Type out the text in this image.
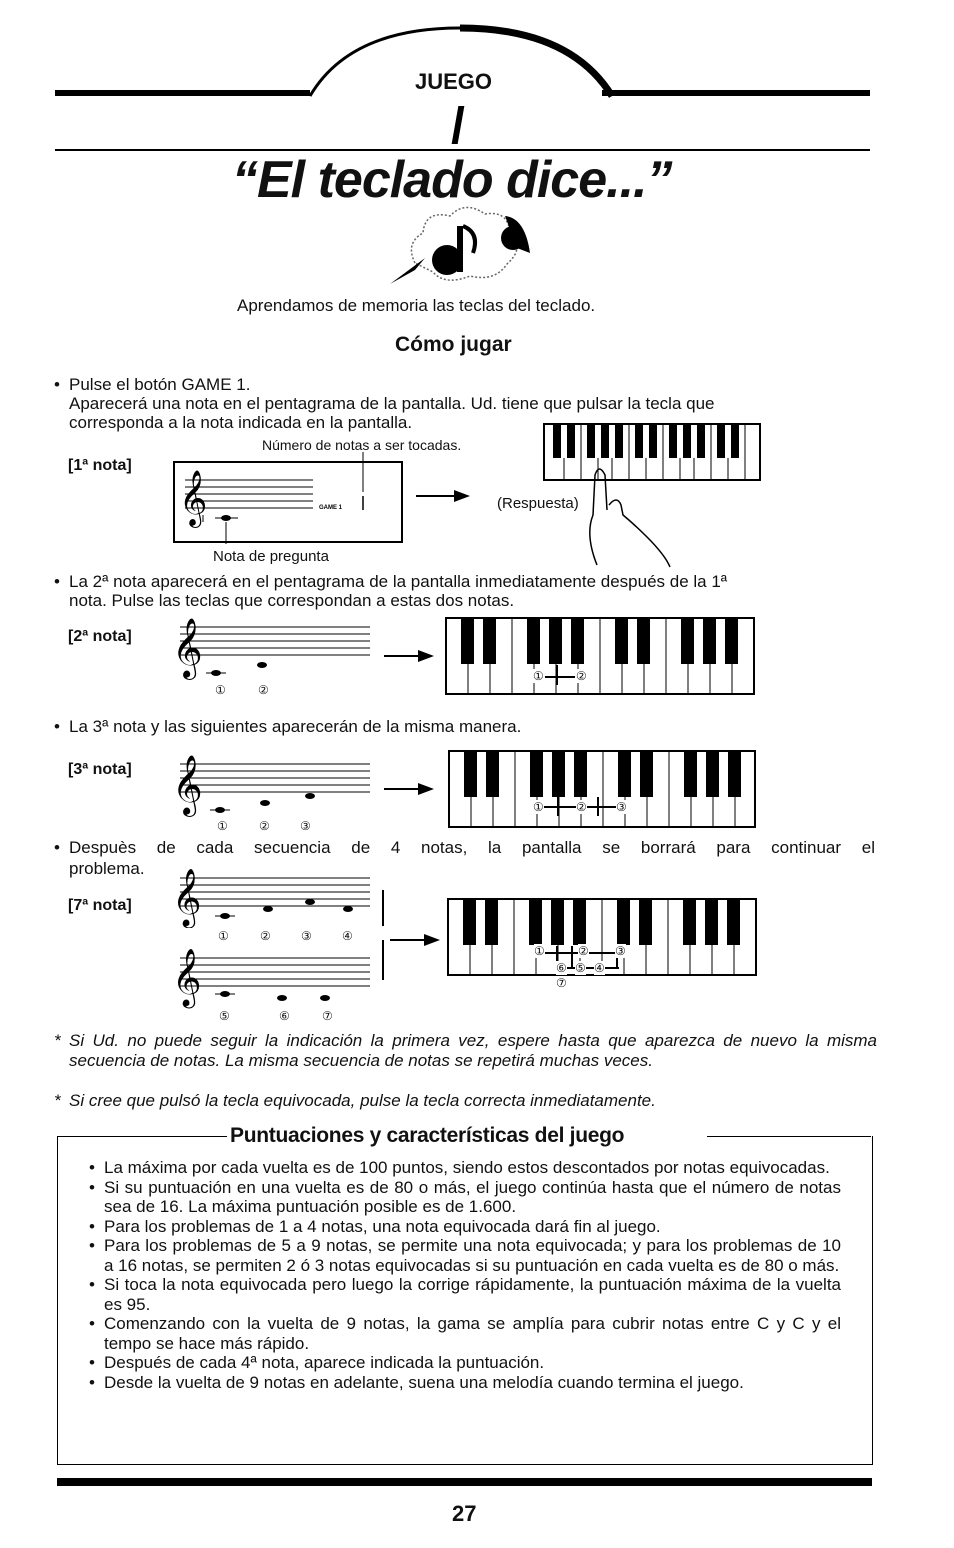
JUEGO
“El teclado dice...”
Aprendamos de memoria las teclas del teclado.
Cómo jugar
• Pulse el botón GAME 1.
Aparecerá una nota en el pentagrama de la pantalla. Ud. tiene que pulsar la tecla que
corresponda a la nota indicada en la pantalla.
Número de notas a ser tocadas.
[1ª nota]
𝄞	GAME 1
Nota de pregunta
(Respuesta)
• La 2ª nota aparecerá en el pentagrama de la pantalla inmediatamente después de la 1ª
nota. Pulse las teclas que correspondan a estas dos notas.
[2ª nota] 𝄞
①	②
①	②
• La 3ª nota y las siguientes aparecerán de la misma manera.
[3ª nota] 𝄞
①	②	③
①	② ③
• Despuès de cada secuencia de 4 notas, la pantalla se borrará para continuar el
problema.
[7ª nota] 𝄞
①	②	③	④
𝄞
⑤	⑥	⑦
①	② ③
④
⑤
⑥
⑦
* Si Ud. no puede seguir la indicación la primera vez, espere hasta que aparezca de nuevo la misma secuencia de notas. La misma secuencia de notas se repetirá muchas veces.
* Si cree que pulsó la tecla equivocada, pulse la tecla correcta inmediatamente.
Puntuaciones y características del juego

• La máxima por cada vuelta es de 100 puntos, siendo estos descontados por notas equivocadas.

• Si su puntuación en una vuelta es de 80 o más, el juego continúa hasta que el número de notas sea de 16. La máxima puntuación posible es de 1.600.

• Para los problemas de 1 a 4 notas, una nota equivocada dará fin al juego.

• Para los problemas de 5 a 9 notas, se permite una nota equivocada; y para los problemas de 10 a 16 notas, se permiten 2 ó 3 notas equivocadas si su puntuación en cada vuelta es de 80 o más.

• Si toca la nota equivocada pero luego la corrige rápidamente, la puntuación máxima de la vuelta es 95.

• Comenzando con la vuelta de 9 notas, la gama se amplía para cubrir notas entre C y C y el tempo se hace más rápido.

• Después de cada 4ª nota, aparece indicada la puntuación.

• Desde la vuelta de 9 notas en adelante, suena una melodía cuando termina el juego.

27
